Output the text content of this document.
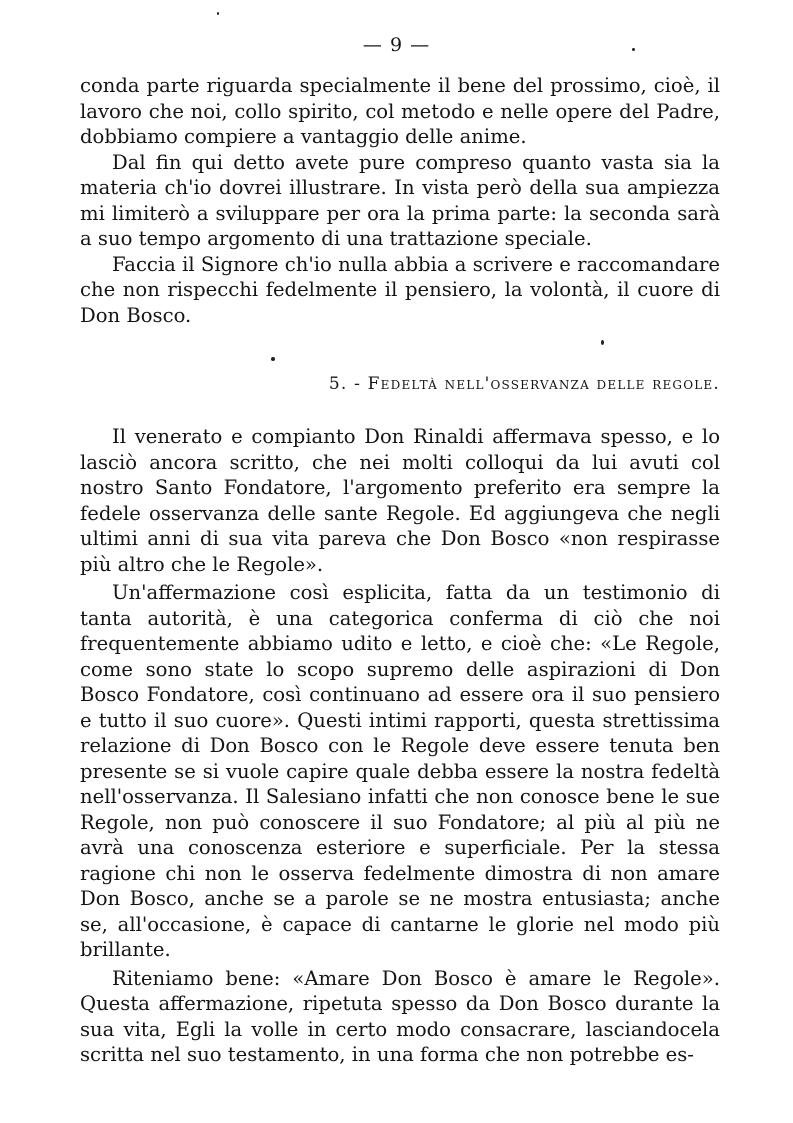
— 9 —

conda parte riguarda specialmente il bene del prossimo, cioè, il lavoro che noi, collo spirito, col metodo e nelle opere del Padre, dobbiamo compiere a vantaggio delle anime.

Dal fin qui detto avete pure compreso quanto vasta sia la materia ch'io dovrei illustrare. In vista però della sua ampiezza mi limiterò a sviluppare per ora la prima parte: la seconda sarà a suo tempo argomento di una trattazione speciale.

Faccia il Signore ch'io nulla abbia a scrivere e raccomandare che non rispecchi fedelmente il pensiero, la volontà, il cuore di Don Bosco.

5. - Fedeltà nell'osservanza delle regole.

Il venerato e compianto Don Rinaldi affermava spesso, e lo lasciò ancora scritto, che nei molti colloqui da lui avuti col nostro Santo Fondatore, l'argomento preferito era sempre la fedele osservanza delle sante Regole. Ed aggiungeva che negli ultimi anni di sua vita pareva che Don Bosco «non respirasse più altro che le Regole».

Un'affermazione così esplicita, fatta da un testimonio di tanta autorità, è una categorica conferma di ciò che noi frequentemente abbiamo udito e letto, e cioè che: «Le Regole, come sono state lo scopo supremo delle aspirazioni di Don Bosco Fondatore, così continuano ad essere ora il suo pensiero e tutto il suo cuore». Questi intimi rapporti, questa strettissima relazione di Don Bosco con le Regole deve essere tenuta ben presente se si vuole capire quale debba essere la nostra fedeltà nell'osservanza. Il Salesiano infatti che non conosce bene le sue Regole, non può conoscere il suo Fondatore; al più al più ne avrà una conoscenza esteriore e superficiale. Per la stessa ragione chi non le osserva fedelmente dimostra di non amare Don Bosco, anche se a parole se ne mostra entusiasta; anche se, all'occasione, è capace di cantarne le glorie nel modo più brillante.

Riteniamo bene: «Amare Don Bosco è amare le Regole». Questa affermazione, ripetuta spesso da Don Bosco durante la sua vita, Egli la volle in certo modo consacrare, lasciandocela scritta nel suo testamento, in una forma che non potrebbe es-
